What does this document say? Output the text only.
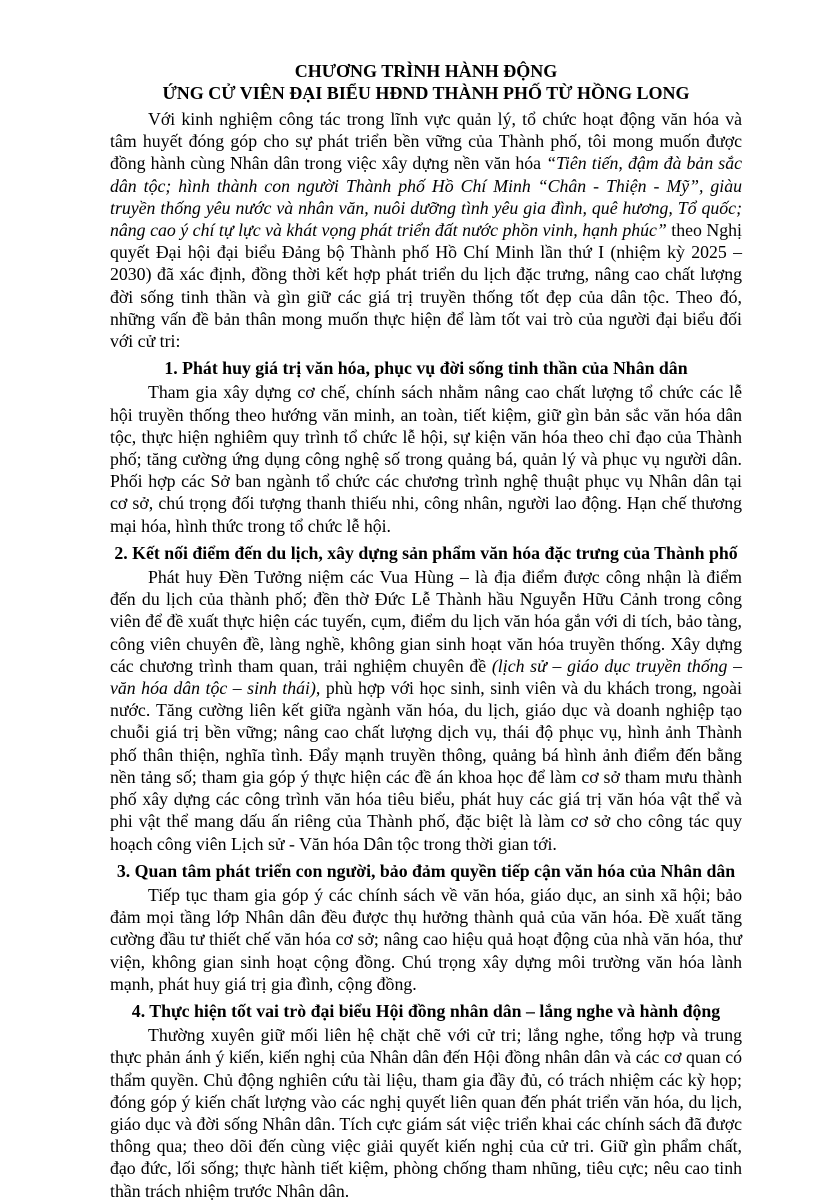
CHƯƠNG TRÌNH HÀNH ĐỘNG
ỨNG CỬ VIÊN ĐẠI BIỂU HĐND THÀNH PHỐ TỪ HỒNG LONG

Với kinh nghiệm công tác trong lĩnh vực quản lý, tổ chức hoạt động văn hóa và tâm huyết đóng góp cho sự phát triển bền vững của Thành phố, tôi mong muốn được đồng hành cùng Nhân dân trong việc xây dựng nền văn hóa “Tiên tiến, đậm đà bản sắc dân tộc; hình thành con người Thành phố Hồ Chí Minh “Chân - Thiện - Mỹ”, giàu truyền thống yêu nước và nhân văn, nuôi dưỡng tình yêu gia đình, quê hương, Tổ quốc; nâng cao ý chí tự lực và khát vọng phát triển đất nước phồn vinh, hạnh phúc” theo Nghị quyết Đại hội đại biểu Đảng bộ Thành phố Hồ Chí Minh lần thứ I (nhiệm kỳ 2025 – 2030) đã xác định, đồng thời kết hợp phát triển du lịch đặc trưng, nâng cao chất lượng đời sống tinh thần và gìn giữ các giá trị truyền thống tốt đẹp của dân tộc. Theo đó, những vấn đề bản thân mong muốn thực hiện để làm tốt vai trò của người đại biểu đối với cử tri:

1. Phát huy giá trị văn hóa, phục vụ đời sống tinh thần của Nhân dân

Tham gia xây dựng cơ chế, chính sách nhằm nâng cao chất lượng tổ chức các lễ hội truyền thống theo hướng văn minh, an toàn, tiết kiệm, giữ gìn bản sắc văn hóa dân tộc, thực hiện nghiêm quy trình tổ chức lễ hội, sự kiện văn hóa theo chỉ đạo của Thành phố; tăng cường ứng dụng công nghệ số trong quảng bá, quản lý và phục vụ người dân. Phối hợp các Sở ban ngành tổ chức các chương trình nghệ thuật phục vụ Nhân dân tại cơ sở, chú trọng đối tượng thanh thiếu nhi, công nhân, người lao động. Hạn chế thương mại hóa, hình thức trong tổ chức lễ hội.

2. Kết nối điểm đến du lịch, xây dựng sản phẩm văn hóa đặc trưng của Thành phố

Phát huy Đền Tưởng niệm các Vua Hùng – là địa điểm được công nhận là điểm đến du lịch của thành phố; đền thờ Đức Lễ Thành hầu Nguyễn Hữu Cảnh trong công viên để đề xuất thực hiện các tuyến, cụm, điểm du lịch văn hóa gắn với di tích, bảo tàng, công viên chuyên đề, làng nghề, không gian sinh hoạt văn hóa truyền thống. Xây dựng các chương trình tham quan, trải nghiệm chuyên đề (lịch sử – giáo dục truyền thống – văn hóa dân tộc – sinh thái), phù hợp với học sinh, sinh viên và du khách trong, ngoài nước. Tăng cường liên kết giữa ngành văn hóa, du lịch, giáo dục và doanh nghiệp tạo chuỗi giá trị bền vững; nâng cao chất lượng dịch vụ, thái độ phục vụ, hình ảnh Thành phố thân thiện, nghĩa tình. Đẩy mạnh truyền thông, quảng bá hình ảnh điểm đến bằng nền tảng số; tham gia góp ý thực hiện các đề án khoa học để làm cơ sở tham mưu thành phố xây dựng các công trình văn hóa tiêu biểu, phát huy các giá trị văn hóa vật thể và phi vật thể mang dấu ấn riêng của Thành phố, đặc biệt là làm cơ sở cho công tác quy hoạch công viên Lịch sử - Văn hóa Dân tộc trong thời gian tới.

3. Quan tâm phát triển con người, bảo đảm quyền tiếp cận văn hóa của Nhân dân

Tiếp tục tham gia góp ý các chính sách về văn hóa, giáo dục, an sinh xã hội; bảo đảm mọi tầng lớp Nhân dân đều được thụ hưởng thành quả của văn hóa. Đề xuất tăng cường đầu tư thiết chế văn hóa cơ sở; nâng cao hiệu quả hoạt động của nhà văn hóa, thư viện, không gian sinh hoạt cộng đồng. Chú trọng xây dựng môi trường văn hóa lành mạnh, phát huy giá trị gia đình, cộng đồng.

4. Thực hiện tốt vai trò đại biểu Hội đồng nhân dân – lắng nghe và hành động

Thường xuyên giữ mối liên hệ chặt chẽ với cử tri; lắng nghe, tổng hợp và trung thực phản ánh ý kiến, kiến nghị của Nhân dân đến Hội đồng nhân dân và các cơ quan có thẩm quyền. Chủ động nghiên cứu tài liệu, tham gia đầy đủ, có trách nhiệm các kỳ họp; đóng góp ý kiến chất lượng vào các nghị quyết liên quan đến phát triển văn hóa, du lịch, giáo dục và đời sống Nhân dân. Tích cực giám sát việc triển khai các chính sách đã được thông qua; theo dõi đến cùng việc giải quyết kiến nghị của cử tri. Giữ gìn phẩm chất, đạo đức, lối sống; thực hành tiết kiệm, phòng chống tham nhũng, tiêu cực; nêu cao tinh thần trách nhiệm trước Nhân dân.
